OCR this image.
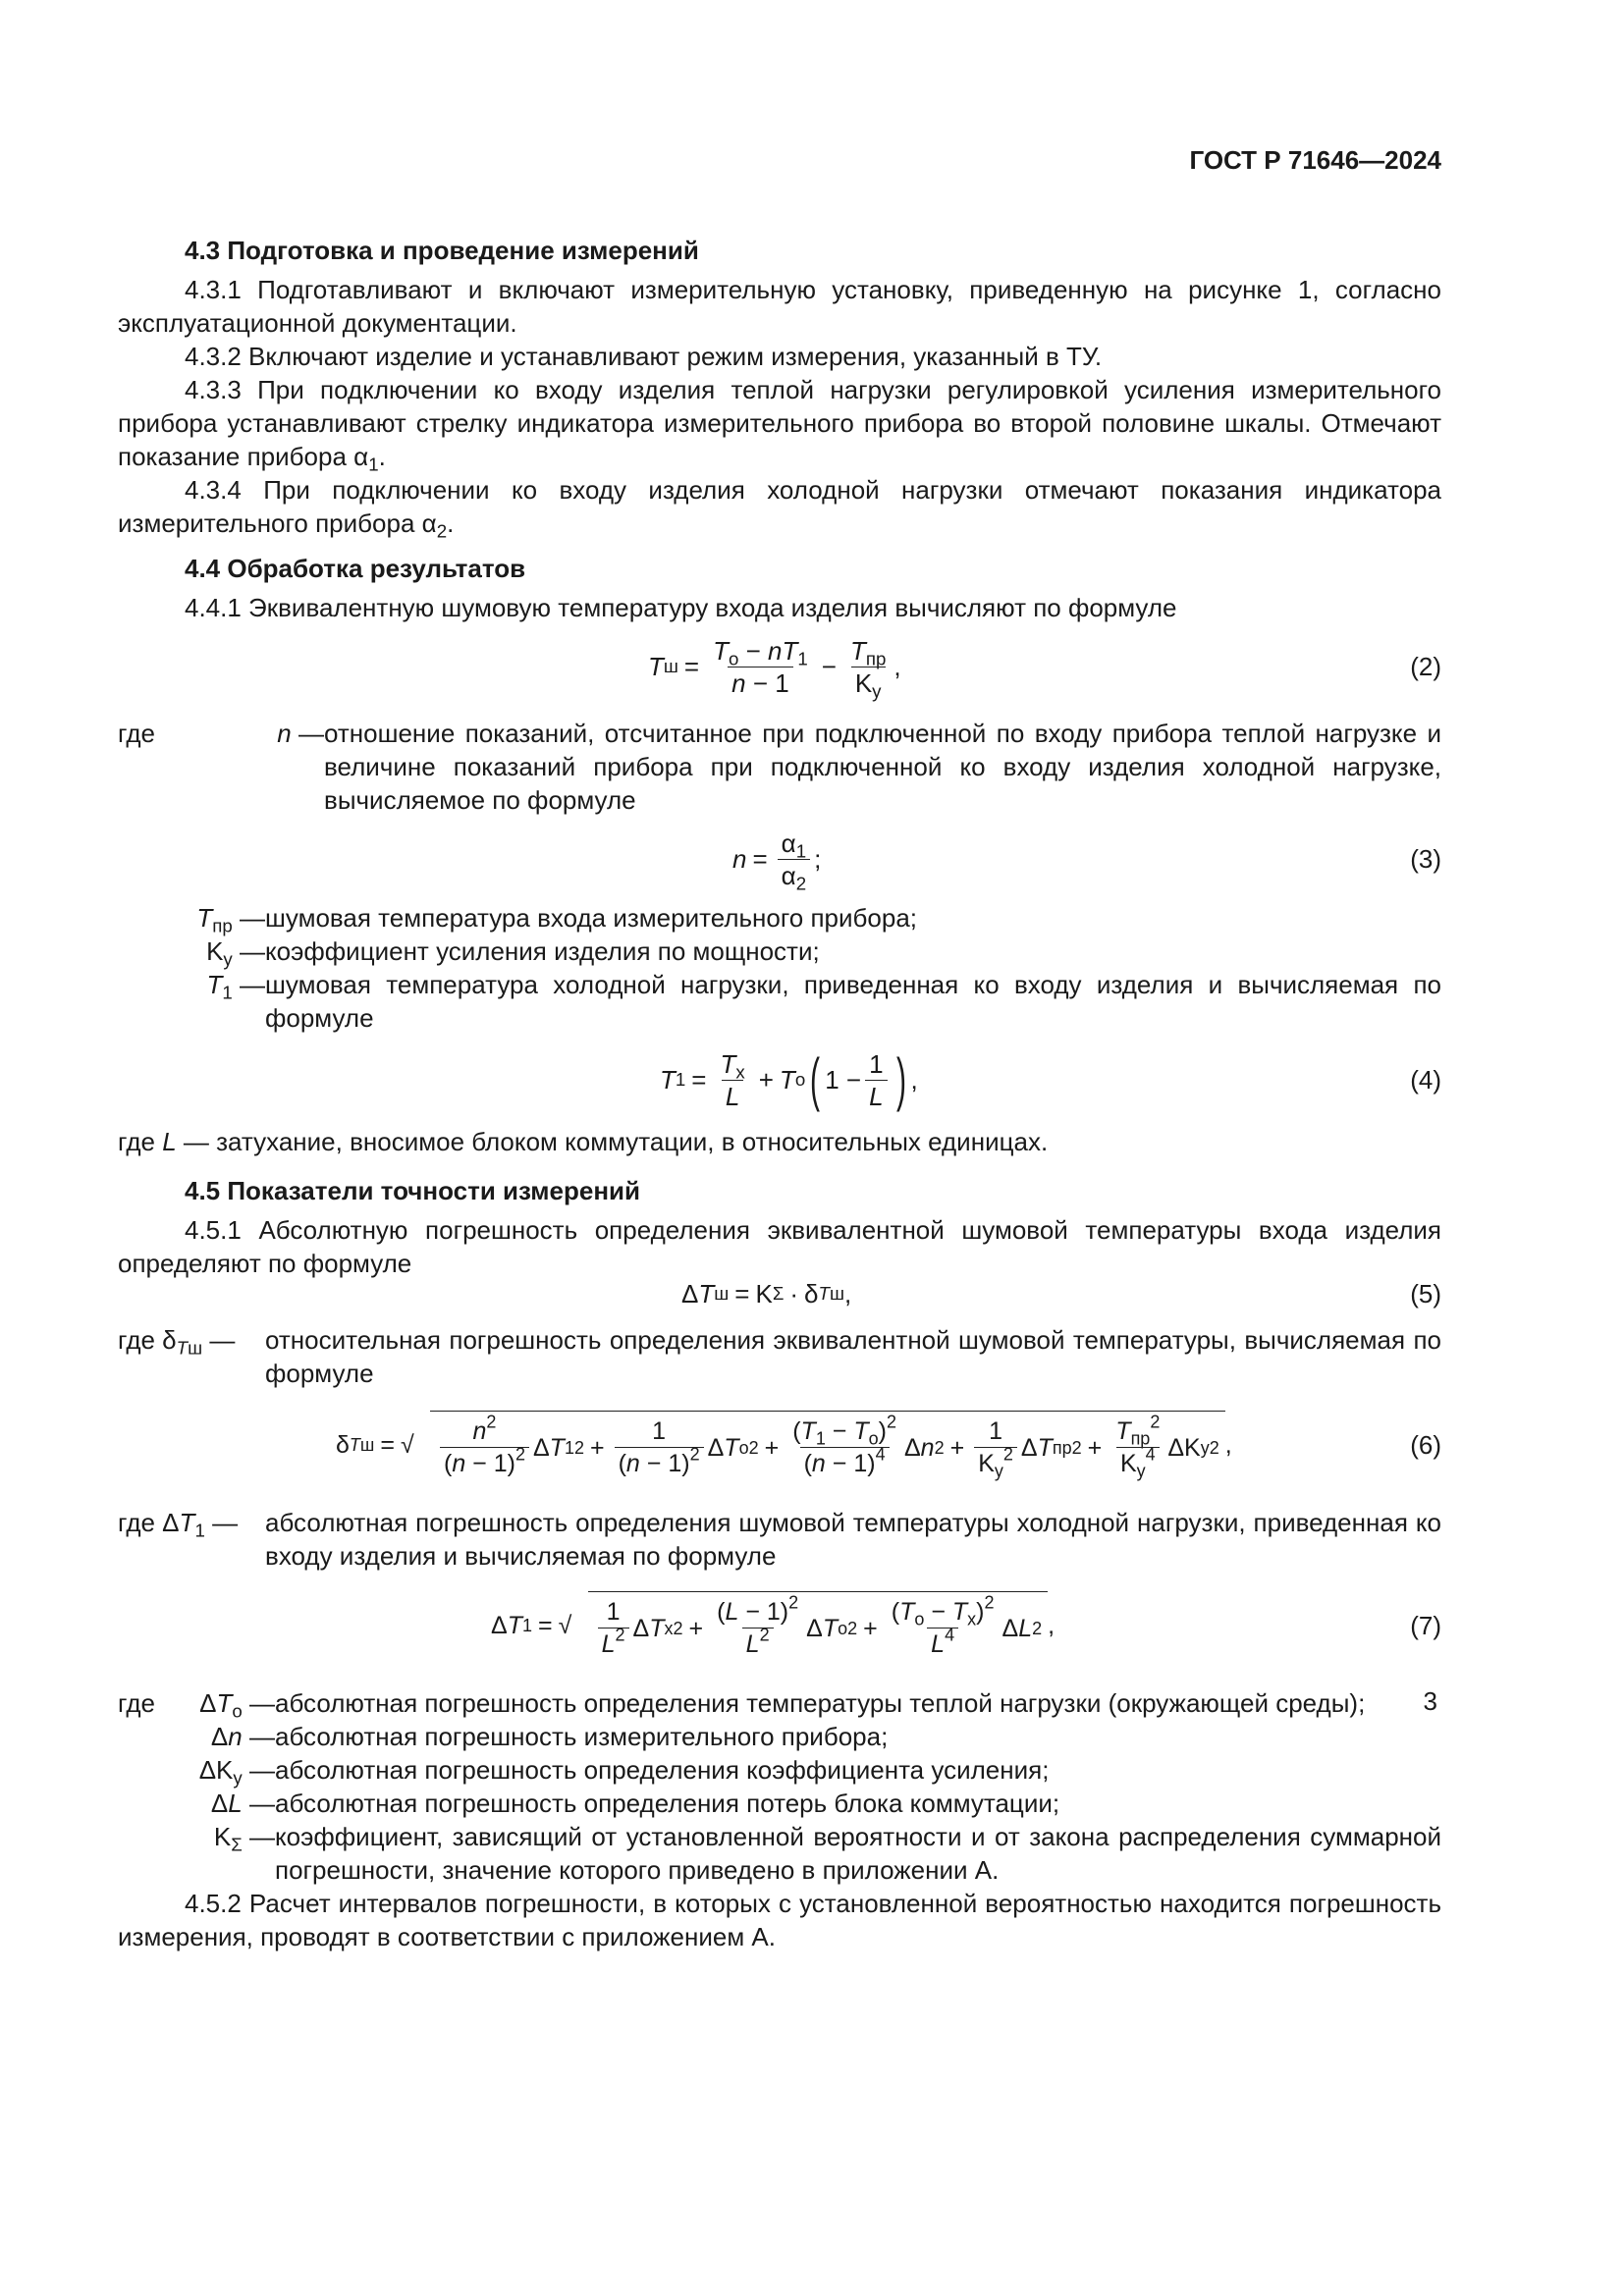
ГОСТ Р 71646—2024

4.3 Подготовка и проведение измерений

4.3.1 Подготавливают и включают измерительную установку, приведенную на рисунке 1, согласно эксплуатационной документации.

4.3.2 Включают изделие и устанавливают режим измерения, указанный в ТУ.

4.3.3 При подключении ко входу изделия теплой нагрузки регулировкой усиления измерительного прибора устанавливают стрелку индикатора измерительного прибора во второй половине шкалы. Отмечают показание прибора $\alpha_1$.

4.3.4 При подключении ко входу изделия холодной нагрузки отмечают показания индикатора измерительного прибора $\alpha_2$.

4.4 Обработка результатов

4.4.1 Эквивалентную шумовую температуру входа изделия вычисляют по формуле

T ш =
$T_о - nT_1$
n − 1
−
$T_{пр}$
$K_у$
,	(2)
где	n — отношение показаний, отсчитанное при подключенной по входу прибора теплой нагрузке и величине показаний прибора при подключенной ко входу изделия холодной нагрузке, вычисляемое по формуле
$n = \frac{\alpha_1}{\alpha_2}$ ;	(3)
$T_{пр}$ — шумовая температура входа измерительного прибора;
$K_у$ — коэффициент усиления изделия по мощности;
$T_1$ — шумовая температура холодной нагрузки, приведенная ко входу изделия и вычисляемая по формуле
T 1 =
$T_х$
L
+ T о ( 1 −
1
L ) ,	(4)

где L — затухание, вносимое блоком коммутации, в относительных единицах.

4.5 Показатели точности измерений

4.5.1 Абсолютную погрешность определения эквивалентной шумовой температуры входа изделия определяют по формуле

Δ T ш = K Σ · δ Tш ,	(5)
где $\delta_{Tш}$ —	относительная погрешность определения эквивалентной шумовой температуры, вычисляемая по формуле
δ Tш = √	$n^2$
$(n - 1)^2$ Δ T 1 $2 + \frac{1}{(n - 1)^2}$ Δ T о 2 +
$(T_1 - T_о)^2$
$(n - 1)^4$ Δ n 2 +
1
$K_у^2$ Δ T пр 2 +
$T_{пр}^2$
$K_у^4$ ΔK у 2 ,	(6)
где $\Delta T_1$ —	абсолютная погрешность определения шумовой температуры холодной нагрузки, приведенная ко входу изделия и вычисляемая по формуле
Δ T 1 = √	1
$L^2$ Δ T х $2 + \frac{(L - 1)^2}{L^2}$ Δ T о 2 +
$(T_о - T_х)^2$
$L^4$ Δ L 2 ,	(7)
где	$\Delta T_о$ — абсолютная погрешность определения температуры теплой нагрузки (окружающей среды);
Δn — абсолютная погрешность измерительного прибора;
$\Delta K_у$ — абсолютная погрешность определения коэффициента усиления;
ΔL — абсолютная погрешность определения потерь блока коммутации;
$K_\Sigma$ — коэффициент, зависящий от установленной вероятности и от закона распределения суммарной погрешности, значение которого приведено в приложении А.

4.5.2 Расчет интервалов погрешности, в которых с установленной вероятностью находится погрешность измерения, проводят в соответствии с приложением А.

3
